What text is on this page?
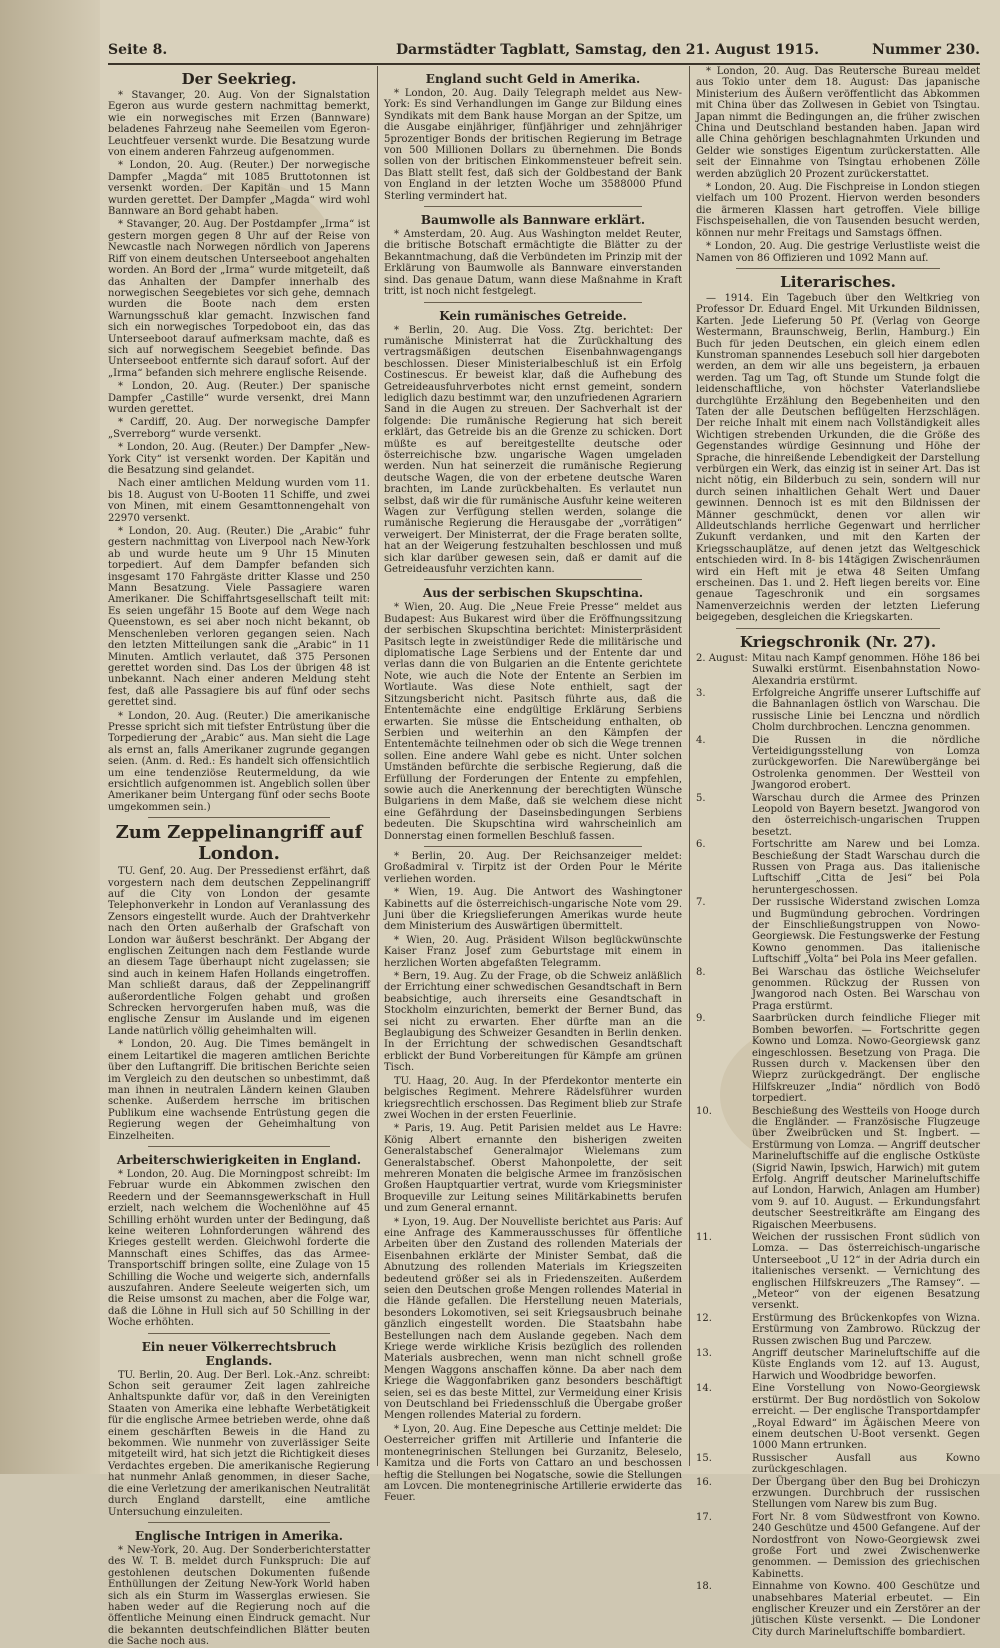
Seite 8.	Darmstädter Tagblatt, Samstag, den 21. August 1915.	Nummer 230.
Der Seekrieg.

* Stavanger, 20. Aug. Von der Signalstation Egeron aus wurde gestern nachmittag bemerkt, wie ein norwegisches mit Erzen (Bannware) beladenes Fahrzeug nahe Seemeilen vom Egeron-Leuchtfeuer versenkt wurde. Die Besatzung wurde von einem anderen Fahrzeug aufgenommen.

* London, 20. Aug. (Reuter.) Der norwegische Dampfer „Magda“ mit 1085 Bruttotonnen ist versenkt worden. Der Kapitän und 15 Mann wurden gerettet. Der Dampfer „Magda“ wird wohl Bannware an Bord gehabt haben.

* Stavanger, 20. Aug. Der Postdampfer „Irma“ ist gestern morgen gegen 8 Uhr auf der Reise von Newcastle nach Norwegen nördlich von Japerens Riff von einem deutschen Unterseeboot angehalten worden. An Bord der „Irma“ wurde mitgeteilt, daß das Anhalten der Dampfer innerhalb des norwegischen Seegebietes vor sich gehe, demnach wurden die Boote nach dem ersten Warnungsschuß klar gemacht. Inzwischen fand sich ein norwegisches Torpedoboot ein, das das Unterseeboot darauf aufmerksam machte, daß es sich auf norwegischem Seegebiet befinde. Das Unterseeboot entfernte sich darauf sofort. Auf der „Irma“ befanden sich mehrere englische Reisende.

* London, 20. Aug. (Reuter.) Der spanische Dampfer „Castille“ wurde versenkt, drei Mann wurden gerettet.

* Cardiff, 20. Aug. Der norwegische Dampfer „Sverreborg“ wurde versenkt.

* London, 20. Aug. (Reuter.) Der Dampfer „New-York City“ ist versenkt worden. Der Kapitän und die Besatzung sind gelandet.

Nach einer amtlichen Meldung wurden vom 11. bis 18. August von U-Booten 11 Schiffe, und zwei von Minen, mit einem Gesamttonnengehalt von 22970 versenkt.

* London, 20. Aug. (Reuter.) Die „Arabic“ fuhr gestern nachmittag von Liverpool nach New-York ab und wurde heute um 9 Uhr 15 Minuten torpediert. Auf dem Dampfer befanden sich insgesamt 170 Fahrgäste dritter Klasse und 250 Mann Besatzung. Viele Passagiere waren Amerikaner. Die Schiffahrtsgesellschaft teilt mit: Es seien ungefähr 15 Boote auf dem Wege nach Queenstown, es sei aber noch nicht bekannt, ob Menschenleben verloren gegangen seien. Nach den letzten Mitteilungen sank die „Arabic“ in 11 Minuten. Amtlich verlautet, daß 375 Personen gerettet worden sind. Das Los der übrigen 48 ist unbekannt. Nach einer anderen Meldung steht fest, daß alle Passagiere bis auf fünf oder sechs gerettet sind.

* London, 20. Aug. (Reuter.) Die amerikanische Presse spricht sich mit tiefster Entrüstung über die Torpedierung der „Arabic“ aus. Man sieht die Lage als ernst an, falls Amerikaner zugrunde gegangen seien. (Anm. d. Red.: Es handelt sich offensichtlich um eine tendenziöse Reutermeldung, da wie ersichtlich aufgenommen ist. Angeblich sollen über Amerikaner beim Untergang fünf oder sechs Boote umgekommen sein.)

Zum Zeppelinangriff auf London.

TU. Genf, 20. Aug. Der Pressedienst erfährt, daß vorgestern nach dem deutschen Zeppelinangriff auf die City von London der gesamte Telephonverkehr in London auf Veranlassung des Zensors eingestellt wurde. Auch der Drahtverkehr nach den Orten außerhalb der Grafschaft von London war äußerst beschränkt. Der Abgang der englischen Zeitungen nach dem Festlande wurde an diesem Tage überhaupt nicht zugelassen; sie sind auch in keinem Hafen Hollands eingetroffen. Man schließt daraus, daß der Zeppelinangriff außerordentliche Folgen gehabt und großen Schrecken hervorgerufen haben muß, was die englische Zensur im Auslande und im eigenen Lande natürlich völlig geheimhalten will.

* London, 20. Aug. Die Times bemängelt in einem Leitartikel die mageren amtlichen Berichte über den Luftangriff. Die britischen Berichte seien im Vergleich zu den deutschen so unbestimmt, daß man ihnen in neutralen Ländern keinen Glauben schenke. Außerdem herrsche im britischen Publikum eine wachsende Entrüstung gegen die Regierung wegen der Geheimhaltung von Einzelheiten.

Arbeiterschwierigkeiten in England.

* London, 20. Aug. Die Morningpost schreibt: Im Februar wurde ein Abkommen zwischen den Reedern und der Seemannsgewerkschaft in Hull erzielt, nach welchem die Wochenlöhne auf 45 Schilling erhöht wurden unter der Bedingung, daß keine weiteren Lohnforderungen während des Krieges gestellt werden. Gleichwohl forderte die Mannschaft eines Schiffes, das das Armee-Transportschiff bringen sollte, eine Zulage von 15 Schilling die Woche und weigerte sich, andernfalls auszufahren. Andere Seeleute weigerten sich, um die Reise umsonst zu machen, aber die Folge war, daß die Löhne in Hull sich auf 50 Schilling in der Woche erhöhten.

Ein neuer Völkerrechtsbruch Englands.

TU. Berlin, 20. Aug. Der Berl. Lok.-Anz. schreibt: Schon seit geraumer Zeit lagen zahlreiche Anhaltspunkte dafür vor, daß in den Vereinigten Staaten von Amerika eine lebhafte Werbetätigkeit für die englische Armee betrieben werde, ohne daß einem geschärften Beweis in die Hand zu bekommen. Wie nunmehr von zuverlässiger Seite mitgeteilt wird, hat sich jetzt die Richtigkeit dieses Verdachtes ergeben. Die amerikanische Regierung hat nunmehr Anlaß genommen, in dieser Sache, die eine Verletzung der amerikanischen Neutralität durch England darstellt, eine amtliche Untersuchung einzuleiten.

Englische Intrigen in Amerika.

* New-York, 20. Aug. Der Sonderberichterstatter des W. T. B. meldet durch Funkspruch: Die auf gestohlenen deutschen Dokumenten fußende Enthüllungen der Zeitung New-York World haben sich als ein Sturm im Wasserglas erwiesen. Sie haben weder auf die Regierung noch auf die öffentliche Meinung einen Eindruck gemacht. Nur die bekannten deutschfeindlichen Blätter beuten die Sache noch aus.

England sucht Geld in Amerika.

* London, 20. Aug. Daily Telegraph meldet aus New-York: Es sind Verhandlungen im Gange zur Bildung eines Syndikats mit dem Bank hause Morgan an der Spitze, um die Ausgabe einjähriger, fünfjähriger und zehnjähriger 5prozentiger Bonds der britischen Regierung im Betrage von 500 Millionen Dollars zu übernehmen. Die Bonds sollen von der britischen Einkommensteuer befreit sein. Das Blatt stellt fest, daß sich der Goldbestand der Bank von England in der letzten Woche um 3588000 Pfund Sterling vermindert hat.

Baumwolle als Bannware erklärt.

* Amsterdam, 20. Aug. Aus Washington meldet Reuter, die britische Botschaft ermächtigte die Blätter zu der Bekanntmachung, daß die Verbündeten im Prinzip mit der Erklärung von Baumwolle als Bannware einverstanden sind. Das genaue Datum, wann diese Maßnahme in Kraft tritt, ist noch nicht festgelegt.

Kein rumänisches Getreide.

* Berlin, 20. Aug. Die Voss. Ztg. berichtet: Der rumänische Ministerrat hat die Zurückhaltung des vertragsmäßigen deutschen Eisenbahnwagengangs beschlossen. Dieser Ministerialbeschluß ist ein Erfolg Costinescus. Er beweist klar, daß die Aufhebung des Getreideausfuhrverbotes nicht ernst gemeint, sondern lediglich dazu bestimmt war, den unzufriedenen Agrariern Sand in die Augen zu streuen. Der Sachverhalt ist der folgende: Die rumänische Regierung hat sich bereit erklärt, das Getreide bis an die Grenze zu schicken. Dort müßte es auf bereitgestellte deutsche oder österreichische bzw. ungarische Wagen umgeladen werden. Nun hat seinerzeit die rumänische Regierung deutsche Wagen, die von der erbetene deutsche Waren brachten, im Lande zurückbehalten. Es verlautet nun selbst, daß wir die für rumänische Ausfuhr keine weiteren Wagen zur Verfügung stellen werden, solange die rumänische Regierung die Herausgabe der „vorrätigen“ verweigert. Der Ministerrat, der die Frage beraten sollte, hat an der Weigerung festzuhalten beschlossen und muß sich klar darüber gewesen sein, daß er damit auf die Getreideausfuhr verzichten kann.

Aus der serbischen Skupschtina.

* Wien, 20. Aug. Die „Neue Freie Presse“ meldet aus Budapest: Aus Bukarest wird über die Eröffnungssitzung der serbischen Skupschtina berichtet: Ministerpräsident Pasitsch legte in zweistündiger Rede die militärische und diplomatische Lage Serbiens und der Entente dar und verlas dann die von Bulgarien an die Entente gerichtete Note, wie auch die Note der Entente an Serbien im Wortlaute. Was diese Note enthielt, sagt der Sitzungsbericht nicht. Pasitsch führte aus, daß die Ententemächte eine endgültige Erklärung Serbiens erwarten. Sie müsse die Entscheidung enthalten, ob Serbien und weiterhin an den Kämpfen der Ententemächte teilnehmen oder ob sich die Wege trennen sollen. Eine andere Wahl gebe es nicht. Unter solchen Umständen befürchte die serbische Regierung, daß die Erfüllung der Forderungen der Entente zu empfehlen, sowie auch die Anerkennung der berechtigten Wünsche Bulgariens in dem Maße, daß sie welchem diese nicht eine Gefährdung der Daseinsbedingungen Serbiens bedeuten. Die Skupschtina wird wahrscheinlich am Donnerstag einen formellen Beschluß fassen.

* Berlin, 20. Aug. Der Reichsanzeiger meldet: Großadmiral v. Tirpitz ist der Orden Pour le Mérite verliehen worden.

* Wien, 19. Aug. Die Antwort des Washingtoner Kabinetts auf die österreichisch-ungarische Note vom 29. Juni über die Kriegslieferungen Amerikas wurde heute dem Ministerium des Auswärtigen übermittelt.

* Wien, 20. Aug. Präsident Wilson beglückwünschte Kaiser Franz Josef zum Geburtstage mit einem in herzlichen Worten abgefaßten Telegramm.

* Bern, 19. Aug. Zu der Frage, ob die Schweiz anläßlich der Errichtung einer schwedischen Gesandtschaft in Bern beabsichtige, auch ihrerseits eine Gesandtschaft in Stockholm einzurichten, bemerkt der Berner Bund, das sei nicht zu erwarten. Eher dürfte man an die Beglaubigung des Schweizer Gesandten in Berlin denken. In der Errichtung der schwedischen Gesandtschaft erblickt der Bund Vorbereitungen für Kämpfe am grünen Tisch.

TU. Haag, 20. Aug. In der Pferdekontor menterte ein belgisches Regiment. Mehrere Rädelsführer wurden kriegsrechtlich erschossen. Das Regiment blieb zur Strafe zwei Wochen in der ersten Feuerlinie.

* Paris, 19. Aug. Petit Parisien meldet aus Le Havre: König Albert ernannte den bisherigen zweiten Generalstabschef Generalmajor Wielemans zum Generalstabschef. Oberst Mahonpolette, der seit mehreren Monaten die belgische Armee im französischen Großen Hauptquartier vertrat, wurde vom Kriegsminister Broqueville zur Leitung seines Militärkabinetts berufen und zum General ernannt.

* Lyon, 19. Aug. Der Nouvelliste berichtet aus Paris: Auf eine Anfrage des Kammerausschusses für öffentliche Arbeiten über den Zustand des rollenden Materials der Eisenbahnen erklärte der Minister Sembat, daß die Abnutzung des rollenden Materials im Kriegszeiten bedeutend größer sei als in Friedenszeiten. Außerdem seien den Deutschen große Mengen rollendes Material in die Hände gefallen. Die Herstellung neuen Materials, besonders Lokomotiven, sei seit Kriegsausbruch beinahe gänzlich eingestellt worden. Die Staatsbahn habe Bestellungen nach dem Auslande gegeben. Nach dem Kriege werde wirkliche Krisis bezüglich des rollenden Materials ausbrechen, wenn man nicht schnell große Mengen Waggons anschaffen könne. Da aber nach dem Kriege die Waggonfabriken ganz besonders beschäftigt seien, sei es das beste Mittel, zur Vermeidung einer Krisis von Deutschland bei Friedensschluß die Übergabe großer Mengen rollendes Material zu fordern.

* Lyon, 20. Aug. Eine Depesche aus Cettinje meldet: Die Oesterreicher griffen mit Artillerie und Infanterie die montenegrinischen Stellungen bei Gurzanitz, Beleselo, Kamitza und die Forts von Cattaro an und beschossen heftig die Stellungen bei Nogatsche, sowie die Stellungen am Lovcen. Die montenegrinische Artillerie erwiderte das Feuer.

* London, 20. Aug. Das Reutersche Bureau meldet aus Tokio unter dem 18. August: Das japanische Ministerium des Äußern veröffentlicht das Abkommen mit China über das Zollwesen in Gebiet von Tsingtau. Japan nimmt die Bedingungen an, die früher zwischen China und Deutschland bestanden haben. Japan wird alle China gehörigen beschlagnahmten Urkunden und Gelder wie sonstiges Eigentum zurückerstatten. Alle seit der Einnahme von Tsingtau erhobenen Zölle werden abzüglich 20 Prozent zurückerstattet.

* London, 20. Aug. Die Fischpreise in London stiegen vielfach um 100 Prozent. Hiervon werden besonders die ärmeren Klassen hart getroffen. Viele billige Fischspeisehallen, die von Tausenden besucht werden, können nur mehr Freitags und Samstags öffnen.

* London, 20. Aug. Die gestrige Verlustliste weist die Namen von 86 Offizieren und 1092 Mann auf.

Literarisches.

— 1914. Ein Tagebuch über den Weltkrieg von Professor Dr. Eduard Engel. Mit Urkunden Bildnissen, Karten. Jede Lieferung 50 Pf. (Verlag von George Westermann, Braunschweig, Berlin, Hamburg.) Ein Buch für jeden Deutschen, ein gleich einem edlen Kunstroman spannendes Lesebuch soll hier dargeboten werden, an dem wir alle uns begeistern, ja erbauen werden. Tag um Tag, oft Stunde um Stunde folgt die leidenschaftliche, von höchster Vaterlandsliebe durchglühte Erzählung den Begebenheiten und den Taten der alle Deutschen beflügelten Herzschlägen. Der reiche Inhalt mit einem nach Vollständigkeit alles Wichtigen strebenden Urkunden, die die Größe des Gegenstandes würdige Gesinnung und Höhe der Sprache, die hinreißende Lebendigkeit der Darstellung verbürgen ein Werk, das einzig ist in seiner Art. Das ist nicht nötig, ein Bilderbuch zu sein, sondern will nur durch seinen inhaltlichen Gehalt Wert und Dauer gewinnen. Dennoch ist es mit den Bildnissen der Männer geschmückt, denen vor allen wir Alldeutschlands herrliche Gegenwart und herrlicher Zukunft verdanken, und mit den Karten der Kriegsschauplätze, auf denen jetzt das Weltgeschick entschieden wird. In 8- bis 14tägigen Zwischenräumen wird ein Heft mit je etwa 48 Seiten Umfang erscheinen. Das 1. und 2. Heft liegen bereits vor. Eine genaue Tageschronik und ein sorgsames Namenverzeichnis werden der letzten Lieferung beigegeben, desgleichen die Kriegskarten.

Kriegschronik (Nr. 27).
2. August: Mitau nach Kampf genommen. Höhe 186 bei Suwalki erstürmt. Eisenbahnstation Nowo-Alexandria erstürmt.
3.	Erfolgreiche Angriffe unserer Luftschiffe auf die Bahnanlagen östlich von Warschau. Die russische Linie bei Lenczna und nördlich Cholm durchbrochen. Lenczna genommen.
4.	Die Russen in die nördliche Verteidigungsstellung von Lomza zurückgeworfen. Die Narewübergänge bei Ostrolenka genommen. Der Westteil von Jwangorod erobert.
5.	Warschau durch die Armee des Prinzen Leopold von Bayern besetzt. Jwangorod von den österreichisch-ungarischen Truppen besetzt.
6.	Fortschritte am Narew und bei Lomza. Beschießung der Stadt Warschau durch die Russen von Praga aus. Das italienische Luftschiff „Citta de Jesi“ bei Pola heruntergeschossen.
7.	Der russische Widerstand zwischen Lomza und Bugmündung gebrochen. Vordringen der Einschließungstruppen von Nowo-Georgiewsk. Die Festungswerke der Festung Kowno genommen. Das italienische Luftschiff „Volta“ bei Pola ins Meer gefallen.
8.	Bei Warschau das östliche Weichselufer genommen. Rückzug der Russen von Jwangorod nach Osten. Bei Warschau von Praga erstürmt.
9.	Saarbrücken durch feindliche Flieger mit Bomben beworfen. — Fortschritte gegen Kowno und Lomza. Nowo-Georgiewsk ganz eingeschlossen. Besetzung von Praga. Die Russen durch v. Mackensen über den Wieprz zurückgedrängt. Der englische Hilfskreuzer „India“ nördlich von Bodö torpediert.
10.	Beschießung des Westteils von Hooge durch die Engländer. — Französische Flugzeuge über Zweibrücken und St. Ingbert. — Erstürmung von Lomza. — Angriff deutscher Marineluftschiffe auf die englische Ostküste (Sigrid Nawin, Ipswich, Harwich) mit gutem Erfolg. Angriff deutscher Marineluftschiffe auf London, Harwich, Anlagen am Humber) vom 9. auf 10. August. — Erkundungsfahrt deutscher Seestreitkräfte am Eingang des Rigaischen Meerbusens.
11.	Weichen der russischen Front südlich von Lomza. — Das österreichisch-ungarische Unterseeboot „U 12“ in der Adria durch ein italienisches versenkt. — Vernichtung des englischen Hilfskreuzers „The Ramsey“. — „Meteor“ von der eigenen Besatzung versenkt.
12.	Erstürmung des Brückenkopfes von Wizna. Erstürmung von Zambrowo. Rückzug der Russen zwischen Bug und Parczew.
13.	Angriff deutscher Marineluftschiffe auf die Küste Englands vom 12. auf 13. August, Harwich und Woodbridge beworfen.
14.	Eine Vorstellung von Nowo-Georgiewsk erstürmt. Der Bug nordöstlich von Sokolow erreicht. — Der englische Transportdampfer „Royal Edward“ im Ägäischen Meere von einem deutschen U-Boot versenkt. Gegen 1000 Mann ertrunken.
15.	Russischer Ausfall aus Kowno zurückgeschlagen.
16.	Der Übergang über den Bug bei Drohiczyn erzwungen. Durchbruch der russischen Stellungen vom Narew bis zum Bug.
17.	Fort Nr. 8 vom Südwestfront von Kowno. 240 Geschütze und 4500 Gefangene. Auf der Nordostfront von Nowo-Georgiewsk zwei große Fort und zwei Zwischenwerke genommen. — Demission des griechischen Kabinetts.
18.	Einnahme von Kowno. 400 Geschütze und unabsehbares Material erbeutet. — Ein englischer Kreuzer und ein Zerstörer an der jütischen Küste versenkt. — Die Londoner City durch Marineluftschiffe bombardiert.
